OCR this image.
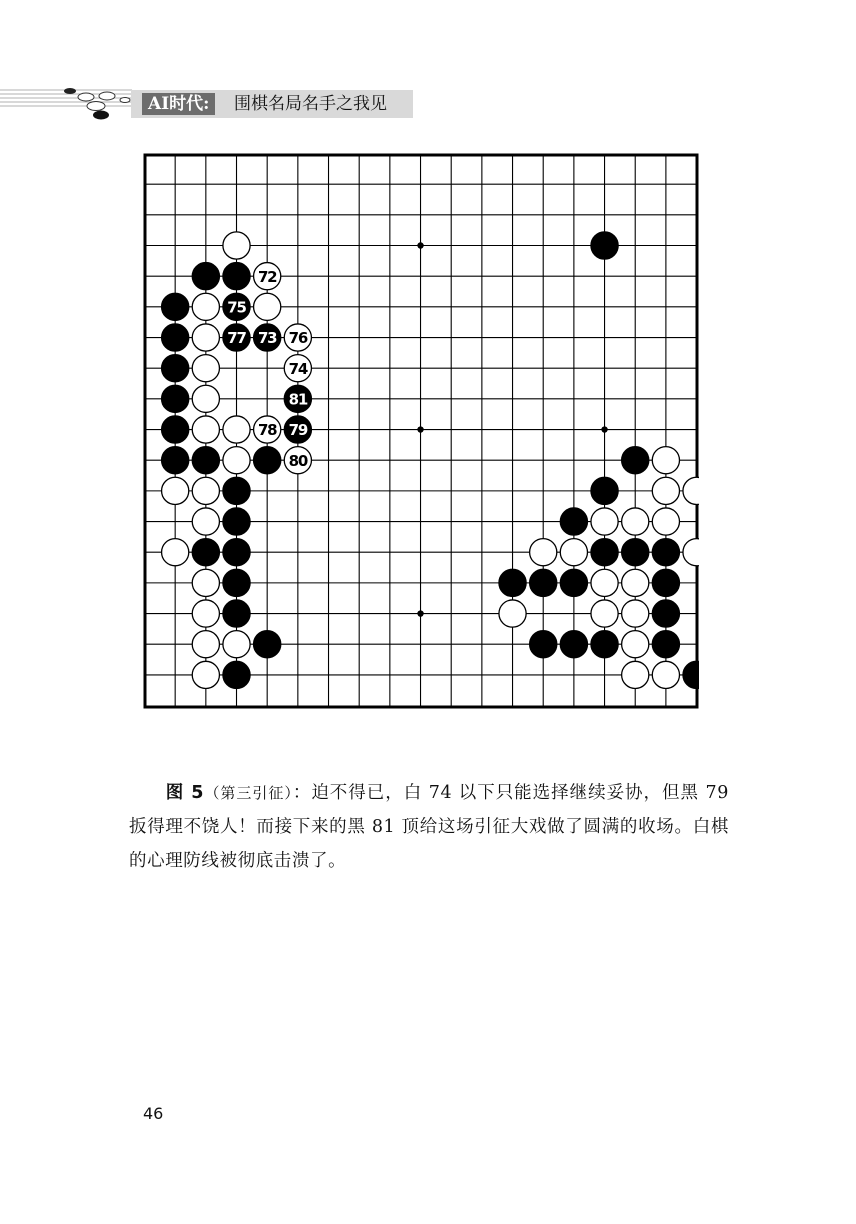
AI时代:	围棋名局名手之我见
72
75
77 73 76
74
81
78 79
80

图 5（第三引征）：迫不得已，白 74 以下只能选择继续妥协，但黑 79 扳得理不饶人！而接下来的黑 81 顶给这场引征大戏做了圆满的收场。白棋的心理防线被彻底击溃了。

46
